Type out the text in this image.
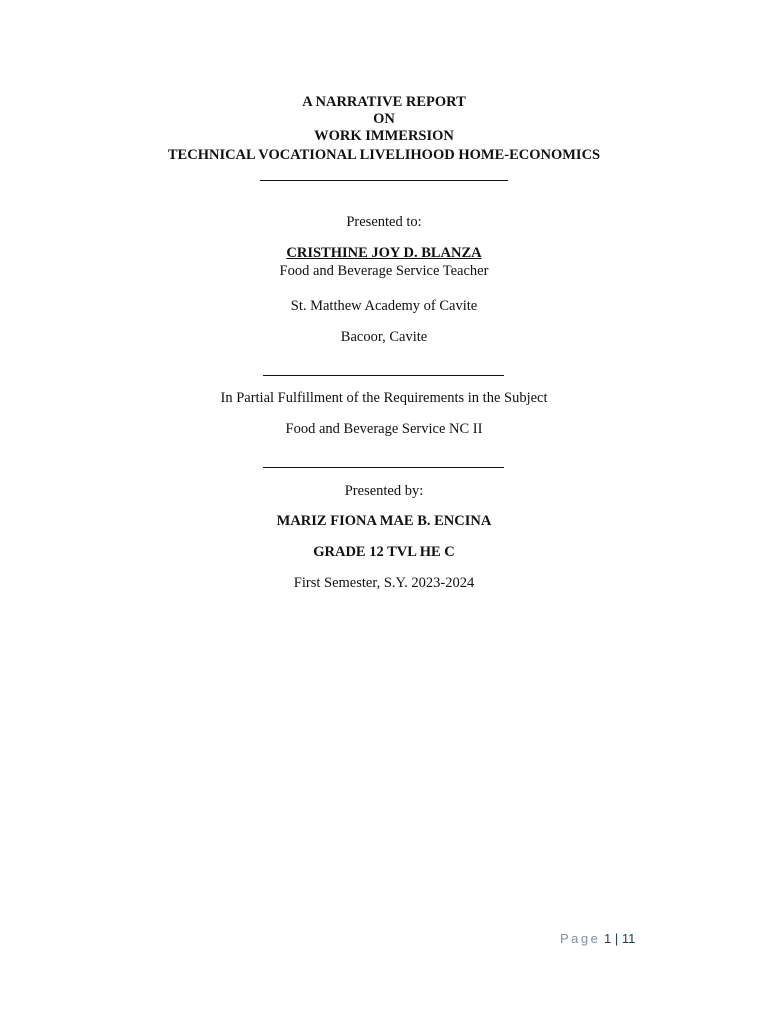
A NARRATIVE REPORT
ON
WORK IMMERSION
TECHNICAL VOCATIONAL LIVELIHOOD HOME-ECONOMICS
Presented to:
CRISTHINE JOY D. BLANZA
Food and Beverage Service Teacher
St. Matthew Academy of Cavite
Bacoor, Cavite
In Partial Fulfillment of the Requirements in the Subject
Food and Beverage Service NC II
Presented by:
MARIZ FIONA MAE B. ENCINA
GRADE 12 TVL HE C
First Semester, S.Y. 2023-2024
Page 1 | 11
